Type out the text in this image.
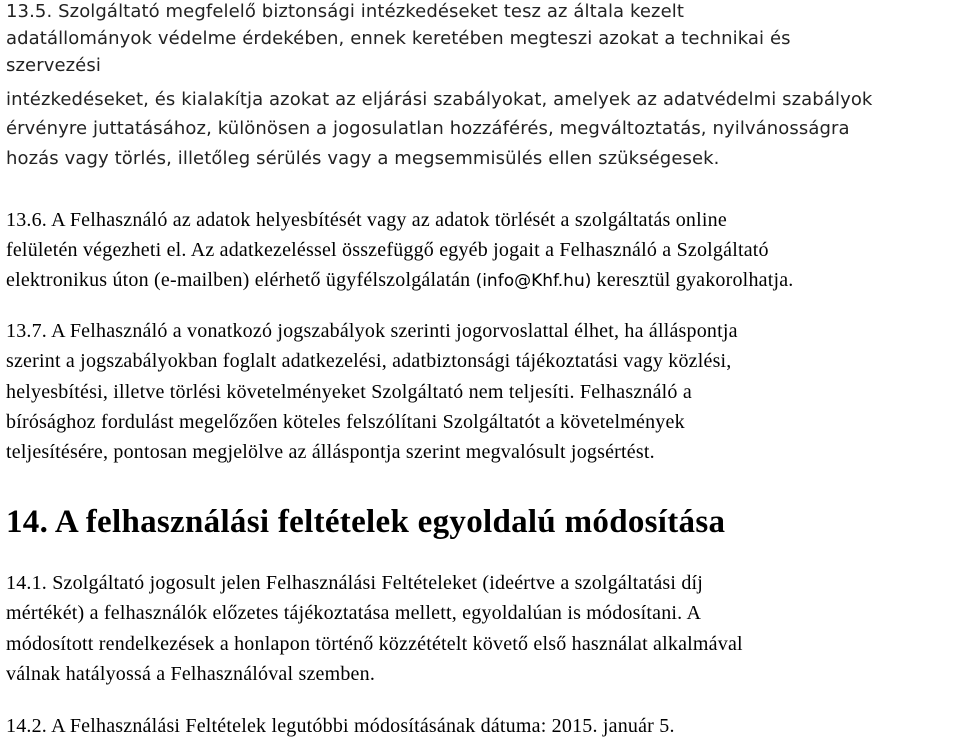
13.5. Szolgáltató megfelelő biztonsági intézkedéseket tesz az általa kezelt
adatállományok védelme érdekében, ennek keretében megteszi azokat a technikai és
szervezési
intézkedéseket, és kialakítja azokat az eljárási szabályokat, amelyek az adatvédelmi szabályok
érvényre juttatásához, különösen a jogosulatlan hozzáférés, megváltoztatás, nyilvánosságra
hozás vagy törlés, illetőleg sérülés vagy a megsemmisülés ellen szükségesek.
13.6. A Felhasználó az adatok helyesbítését vagy az adatok törlését a szolgáltatás online
felületén végezheti el. Az adatkezeléssel összefüggő egyéb jogait a Felhasználó a Szolgáltató
elektronikus úton (e-mailben) elérhető ügyfélszolgálatán (info@Khf.hu) keresztül gyakorolhatja.
13.7. A Felhasználó a vonatkozó jogszabályok szerinti jogorvoslattal élhet, ha álláspontja
szerint a jogszabályokban foglalt adatkezelési, adatbiztonsági tájékoztatási vagy közlési,
helyesbítési, illetve törlési követelményeket Szolgáltató nem teljesíti. Felhasználó a
bírósághoz fordulást megelőzően köteles felszólítani Szolgáltatót a követelmények
teljesítésére, pontosan megjelölve az álláspontja szerint megvalósult jogsértést.
14. A felhasználási feltételek egyoldalú módosítása
14.1. Szolgáltató jogosult jelen Felhasználási Feltételeket (ideértve a szolgáltatási díj
mértékét) a felhasználók előzetes tájékoztatása mellett, egyoldalúan is módosítani. A
módosított rendelkezések a honlapon történő közzétételt követő első használat alkalmával
válnak hatályossá a Felhasználóval szemben.
14.2. A Felhasználási Feltételek legutóbbi módosításának dátuma: 2015. január 5.
